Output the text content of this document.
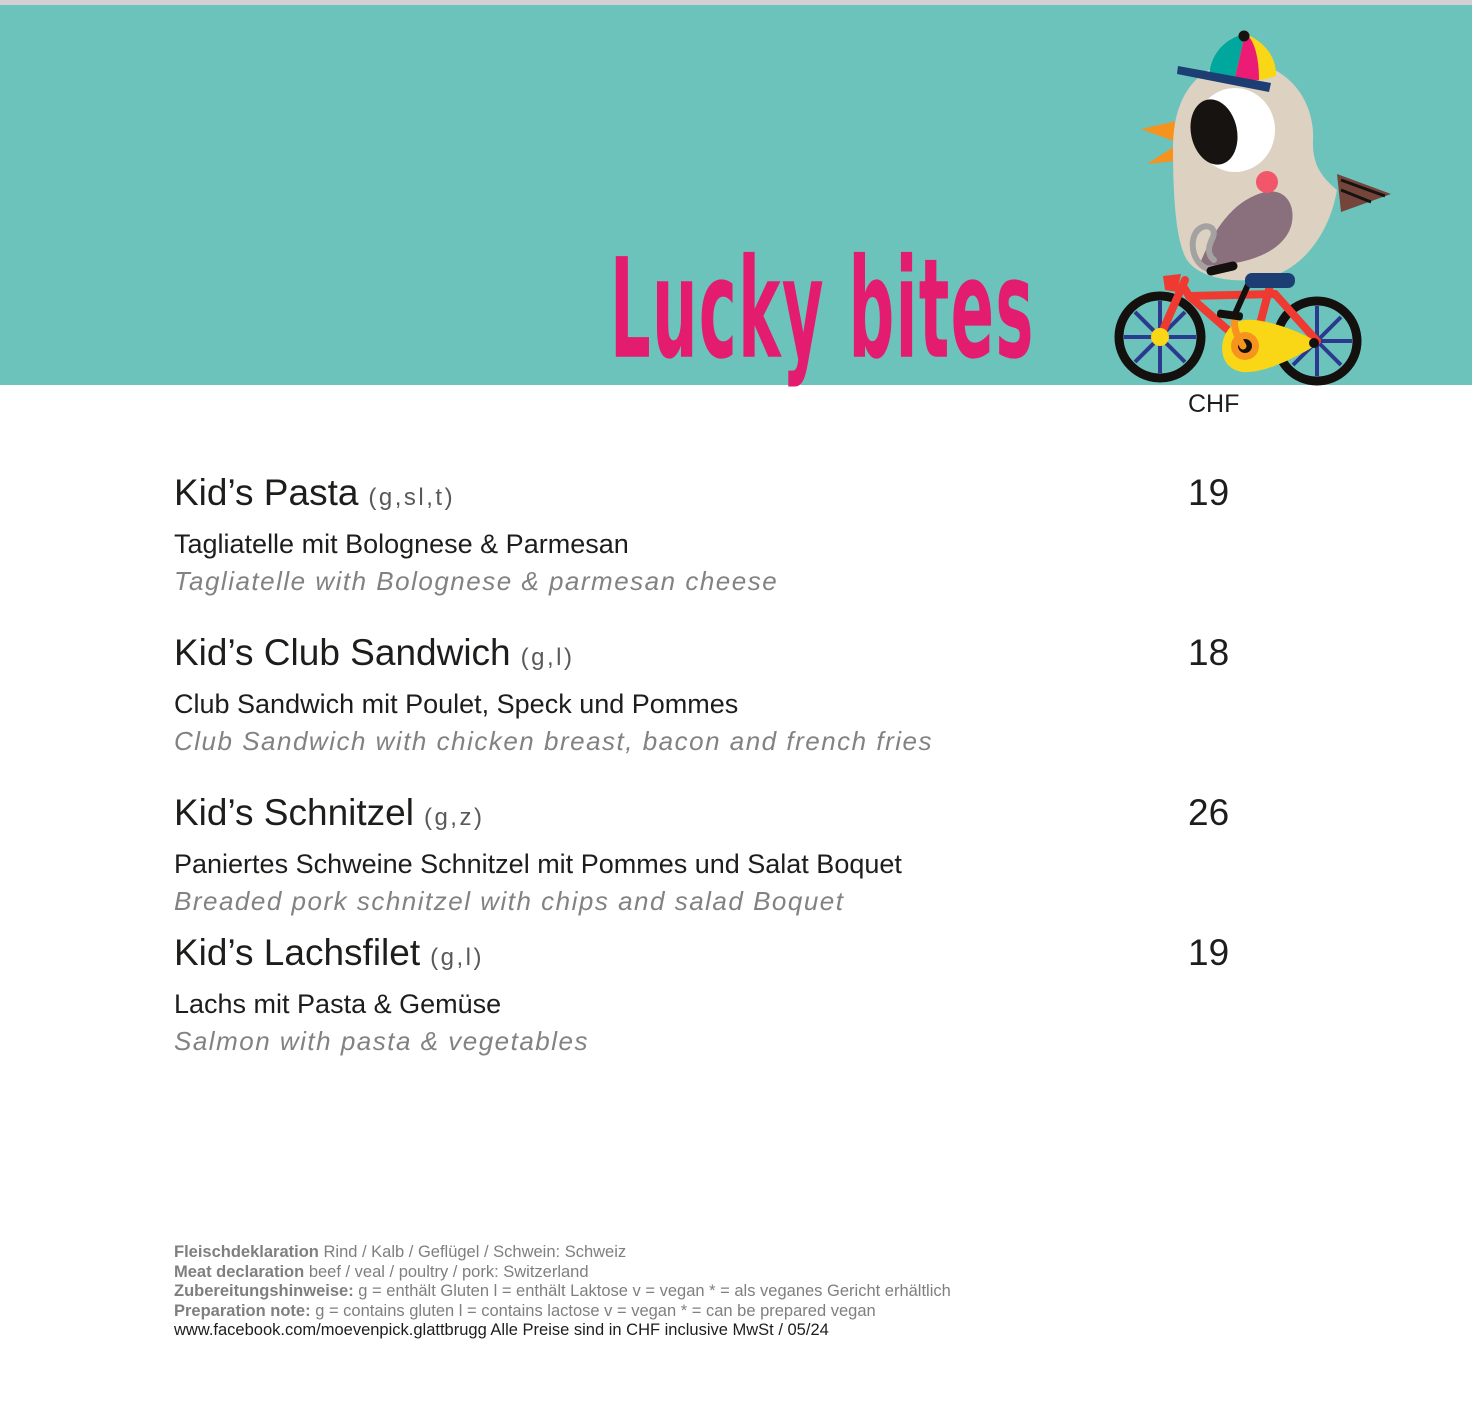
Lucky bites
CHF
Kid’s Pasta (g,sl,t)
Tagliatelle mit Bolognese & Parmesan
Tagliatelle with Bolognese & parmesan cheese
19
Kid’s Club Sandwich (g,l)
Club Sandwich mit Poulet, Speck und Pommes
Club Sandwich with chicken breast, bacon and french fries
18
Kid’s Schnitzel (g,z)
Paniertes Schweine Schnitzel mit Pommes und Salat Boquet
Breaded pork schnitzel with chips and salad Boquet
26
Kid’s Lachsfilet (g,l)
Lachs mit Pasta & Gemüse
Salmon with pasta & vegetables
19
Fleischdeklaration Rind / Kalb / Geflügel / Schwein: Schweiz
Meat declaration beef / veal / poultry / pork: Switzerland
Zubereitungshinweise: g = enthält Gluten l = enthält Laktose v = vegan * = als veganes Gericht erhältlich
Preparation note: g = contains gluten l = contains lactose v = vegan * = can be prepared vegan
www.facebook.com/moevenpick.glattbrugg Alle Preise sind in CHF inclusive MwSt / 05/24
